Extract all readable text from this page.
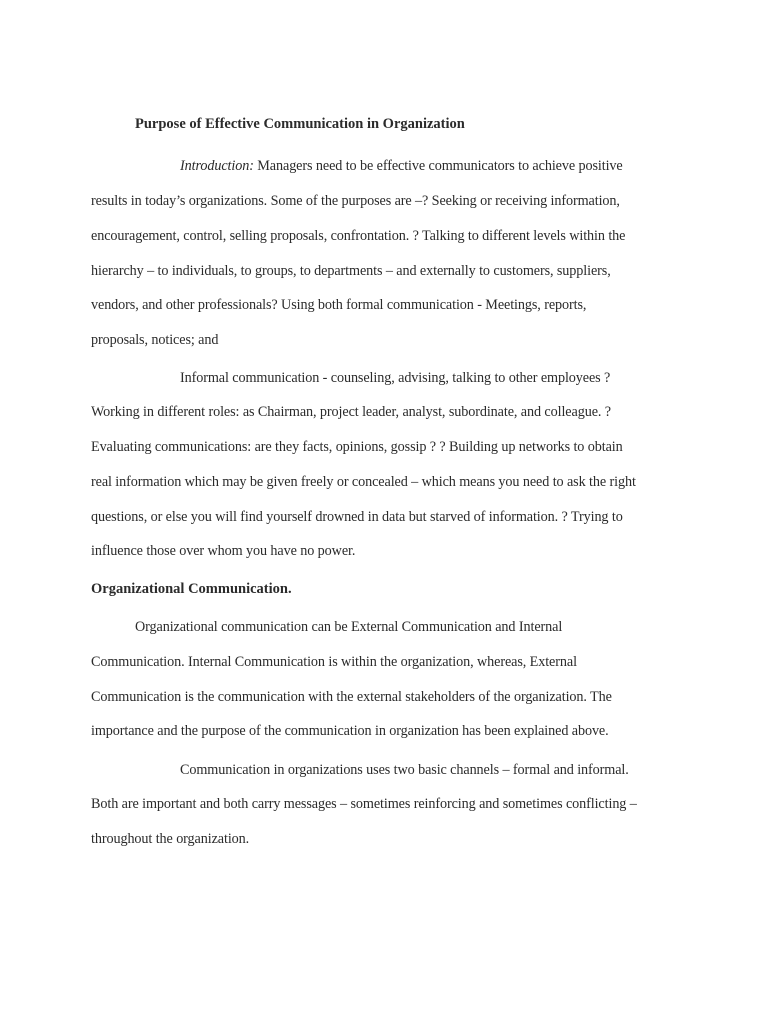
Purpose of Effective Communication in Organization
Introduction: Managers need to be effective communicators to achieve positive
results in today’s organizations. Some of the purposes are –? Seeking or receiving information,
encouragement, control, selling proposals, confrontation. ? Talking to different levels within the
hierarchy – to individuals, to groups, to departments – and externally to customers, suppliers,
vendors, and other professionals? Using both formal communication - Meetings, reports,
proposals, notices; and
Informal communication - counseling, advising, talking to other employees ?
Working in different roles: as Chairman, project leader, analyst, subordinate, and colleague. ?
Evaluating communications: are they facts, opinions, gossip ? ? Building up networks to obtain
real information which may be given freely or concealed – which means you need to ask the right
questions, or else you will find yourself drowned in data but starved of information. ? Trying to
influence those over whom you have no power.
Organizational Communication.
Organizational communication can be External Communication and Internal
Communication. Internal Communication is within the organization, whereas, External
Communication is the communication with the external stakeholders of the organization. The
importance and the purpose of the communication in organization has been explained above.
Communication in organizations uses two basic channels – formal and informal.
Both are important and both carry messages – sometimes reinforcing and sometimes conflicting –
throughout the organization.
